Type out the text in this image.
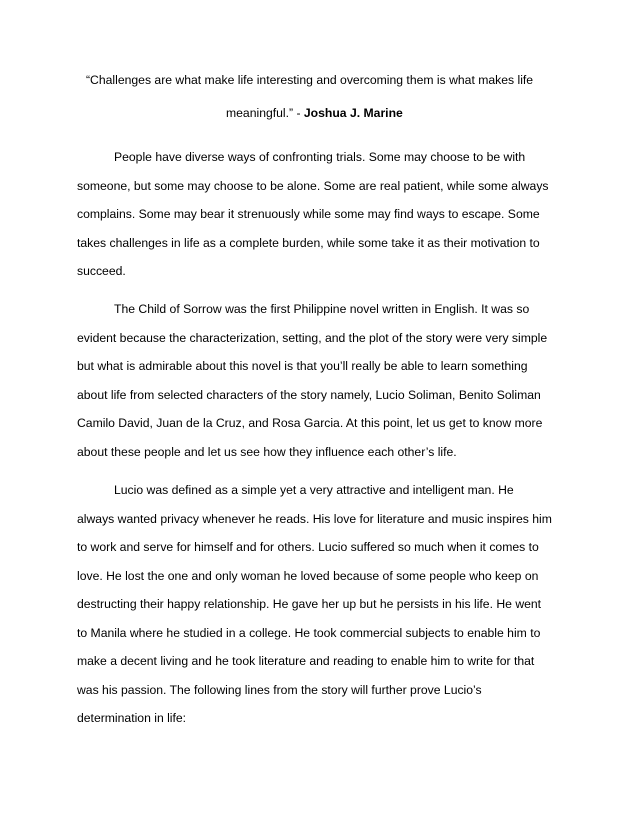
“Challenges are what make life interesting and overcoming them is what makes life
meaningful.” - Joshua J. Marine
People have diverse ways of confronting trials. Some may choose to be with
someone, but some may choose to be alone. Some are real patient, while some always
complains. Some may bear it strenuously while some may find ways to escape. Some
takes challenges in life as a complete burden, while some take it as their motivation to
succeed.
The Child of Sorrow was the first Philippine novel written in English. It was so
evident because the characterization, setting, and the plot of the story were very simple
but what is admirable about this novel is that you’ll really be able to learn something
about life from selected characters of the story namely, Lucio Soliman, Benito Soliman
Camilo David, Juan de la Cruz, and Rosa Garcia. At this point, let us get to know more
about these people and let us see how they influence each other’s life.
Lucio was defined as a simple yet a very attractive and intelligent man. He
always wanted privacy whenever he reads. His love for literature and music inspires him
to work and serve for himself and for others. Lucio suffered so much when it comes to
love. He lost the one and only woman he loved because of some people who keep on
destructing their happy relationship. He gave her up but he persists in his life. He went
to Manila where he studied in a college. He took commercial subjects to enable him to
make a decent living and he took literature and reading to enable him to write for that
was his passion. The following lines from the story will further prove Lucio’s
determination in life:
